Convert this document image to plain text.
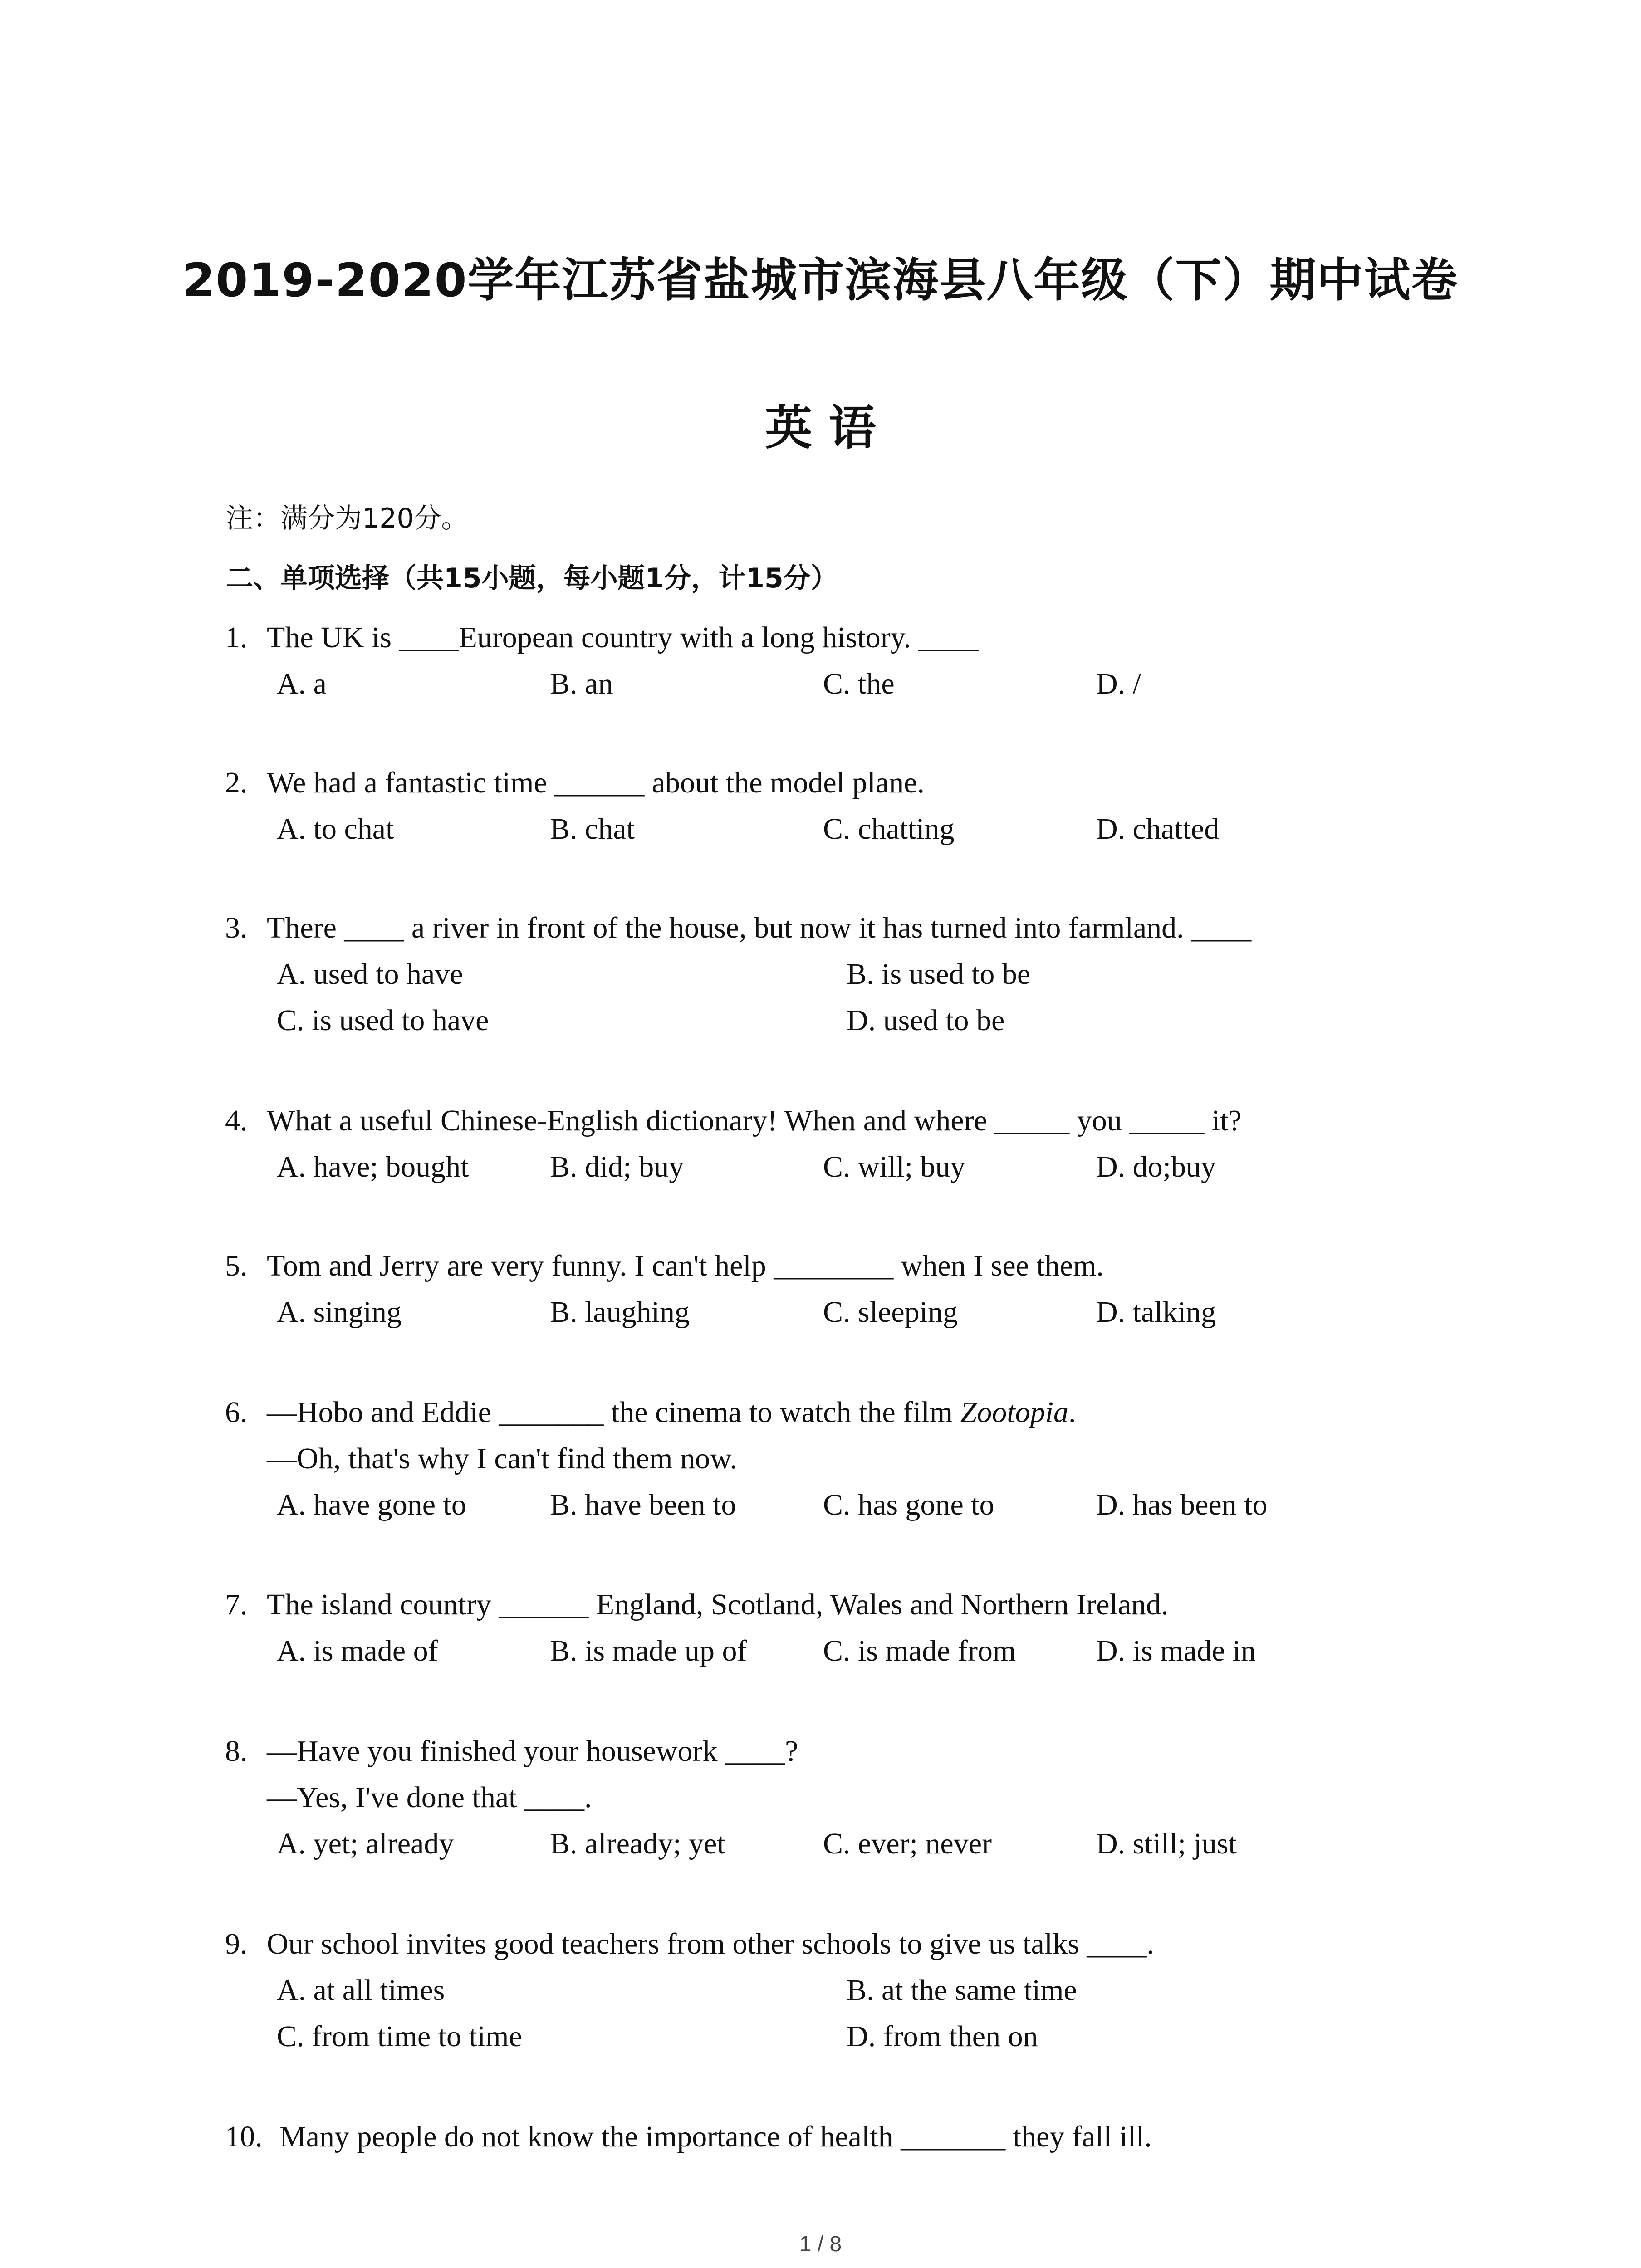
2019-2020学年江苏省盐城市滨海县八年级（下）期中试卷
英 语
注：满分为120分。
二、单项选择（共15小题，每小题1分，计15分）
1. The UK is ____European country with a long history. ____
A. a	B. an	C. the	D. /
2. We had a fantastic time ______ about the model plane.
A. to chat	B. chat	C. chatting	D. chatted
3. There ____ a river in front of the house, but now it has turned into farmland. ____
A. used to have	B. is used to be
C. is used to have	D. used to be
4. What a useful Chinese-English dictionary! When and where _____ you _____ it?
A. have; bought	B. did; buy	C. will; buy	D. do;buy
5. Tom and Jerry are very funny. I can't help ________ when I see them.
A. singing	B. laughing	C. sleeping	D. talking
6. —Hobo and Eddie _______ the cinema to watch the film Zootopia.
—Oh, that's why I can't find them now.
A. have gone to	B. have been to	C. has gone to	D. has been to
7. The island country ______ England, Scotland, Wales and Northern Ireland.
A. is made of	B. is made up of	C. is made from	D. is made in
8. —Have you finished your housework ____?
—Yes, I've done that ____.
A. yet; already	B. already; yet	C. ever; never	D. still; just
9. Our school invites good teachers from other schools to give us talks ____.
A. at all times	B. at the same time
C. from time to time	D. from then on
10. Many people do not know the importance of health _______ they fall ill.
1 / 8
